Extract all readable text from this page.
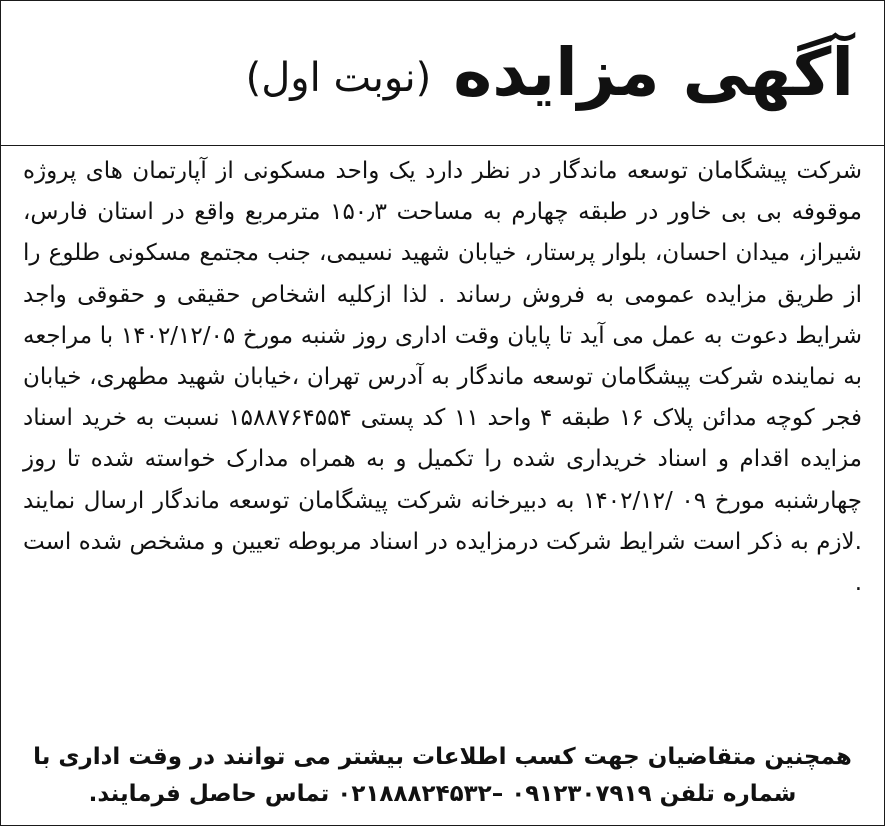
آگهی مزایده
(نوبت اول)

شرکت پیشگامان توسعه ماندگار در نظر دارد یک واحد مسکونی از آپارتمان های پروژه موقوفه بی بی خاور در طبقه چهارم به مساحت ۱۵۰٫۳ مترمربع واقع در استان فارس، شیراز، میدان احسان، بلوار پرستار، خیابان شهید نسیمی، جنب مجتمع مسکونی طلوع را از طریق مزایده عمومی به فروش رساند . لذا ازکلیه اشخاص حقیقی و حقوقی واجد شرایط دعوت به عمل می آید تا پایان وقت اداری روز شنبه مورخ ۱۴۰۲/۱۲/۰۵ با مراجعه به نماینده شرکت پیشگامان توسعه ماندگار به آدرس تهران ،خیابان شهید مطهری، خیابان فجر کوچه مدائن پلاک ۱۶ طبقه ۴ واحد ۱۱ کد پستی ۱۵۸۸۷۶۴۵۵۴ نسبت به خرید اسناد مزایده اقدام و اسناد خریداری شده را تکمیل و به همراه مدارک خواسته شده تا روز چهارشنبه مورخ ۰۹ /۱۴۰۲/۱۲ به دبیرخانه شرکت پیشگامان توسعه ماندگار ارسال نمایند .لازم به ذکر است شرایط شرکت درمزایده در اسناد مربوطه تعیین و مشخص شده است .

همچنین متقاضیان جهت کسب اطلاعات بیشتر می توانند در وقت اداری با شماره تلفن ۰۹۱۲۳۰۷۹۱۹ –۰۲۱۸۸۸۲۴۵۳۲ تماس حاصل فرمایند.
